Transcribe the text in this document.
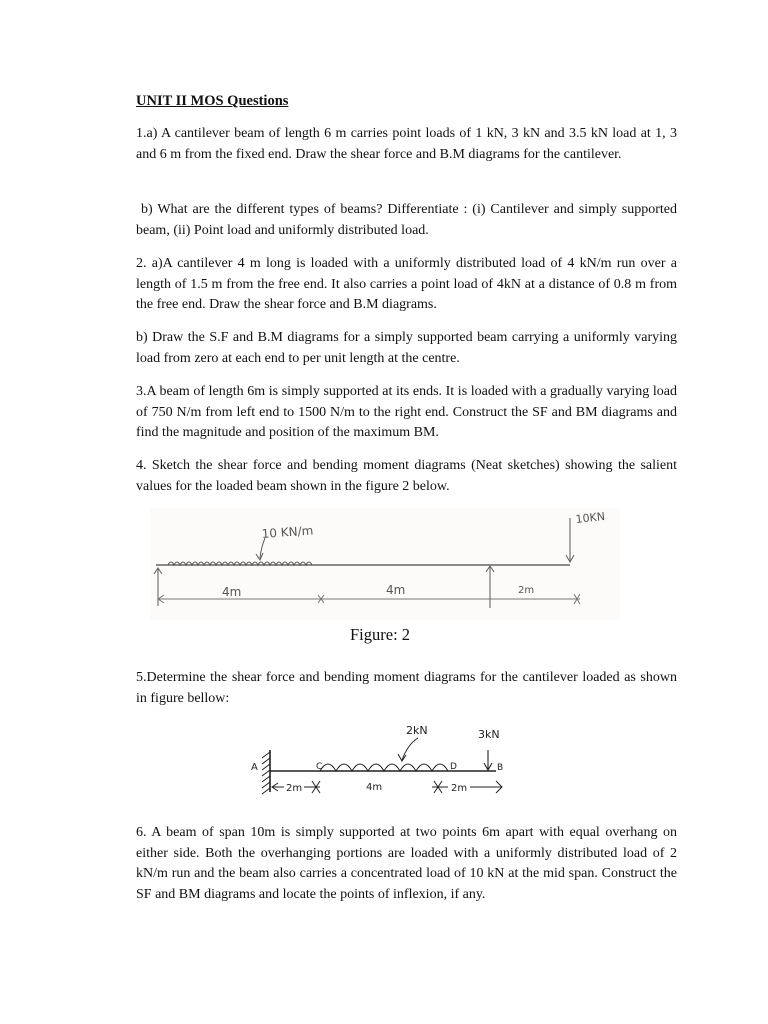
UNIT II MOS Questions

1.a) A cantilever beam of length 6 m carries point loads of 1 kN, 3 kN and 3.5 kN load at 1, 3 and 6 m from the fixed end. Draw the shear force and B.M diagrams for the cantilever.

b) What are the different types of beams? Differentiate : (i) Cantilever and simply supported beam, (ii) Point load and uniformly distributed load.

2. a)A cantilever 4 m long is loaded with a uniformly distributed load of 4 kN/m run over a length of 1.5 m from the free end. It also carries a point load of 4kN at a distance of 0.8 m from the free end. Draw the shear force and B.M diagrams.

b) Draw the S.F and B.M diagrams for a simply supported beam carrying a uniformly varying load from zero at each end to per unit length at the centre.

3.A beam of length 6m is simply supported at its ends. It is loaded with a gradually varying load of 750 N/m from left end to 1500 N/m to the right end. Construct the SF and BM diagrams and find the magnitude and position of the maximum BM.

4. Sketch the shear force and bending moment diagrams (Neat sketches) showing the salient values for the loaded beam shown in the figure 2 below.

10 KN/m
10KN
4m	4m	2m
Figure: 2

5.Determine the shear force and bending moment diagrams for the cantilever loaded as shown in figure bellow:

A	C	D
2kN	3kN
B
2m	4m	2m

6. A beam of span 10m is simply supported at two points 6m apart with equal overhang on either side. Both the overhanging portions are loaded with a uniformly distributed load of 2 kN/m run and the beam also carries a concentrated load of 10 kN at the mid span. Construct the SF and BM diagrams and locate the points of inflexion, if any.
